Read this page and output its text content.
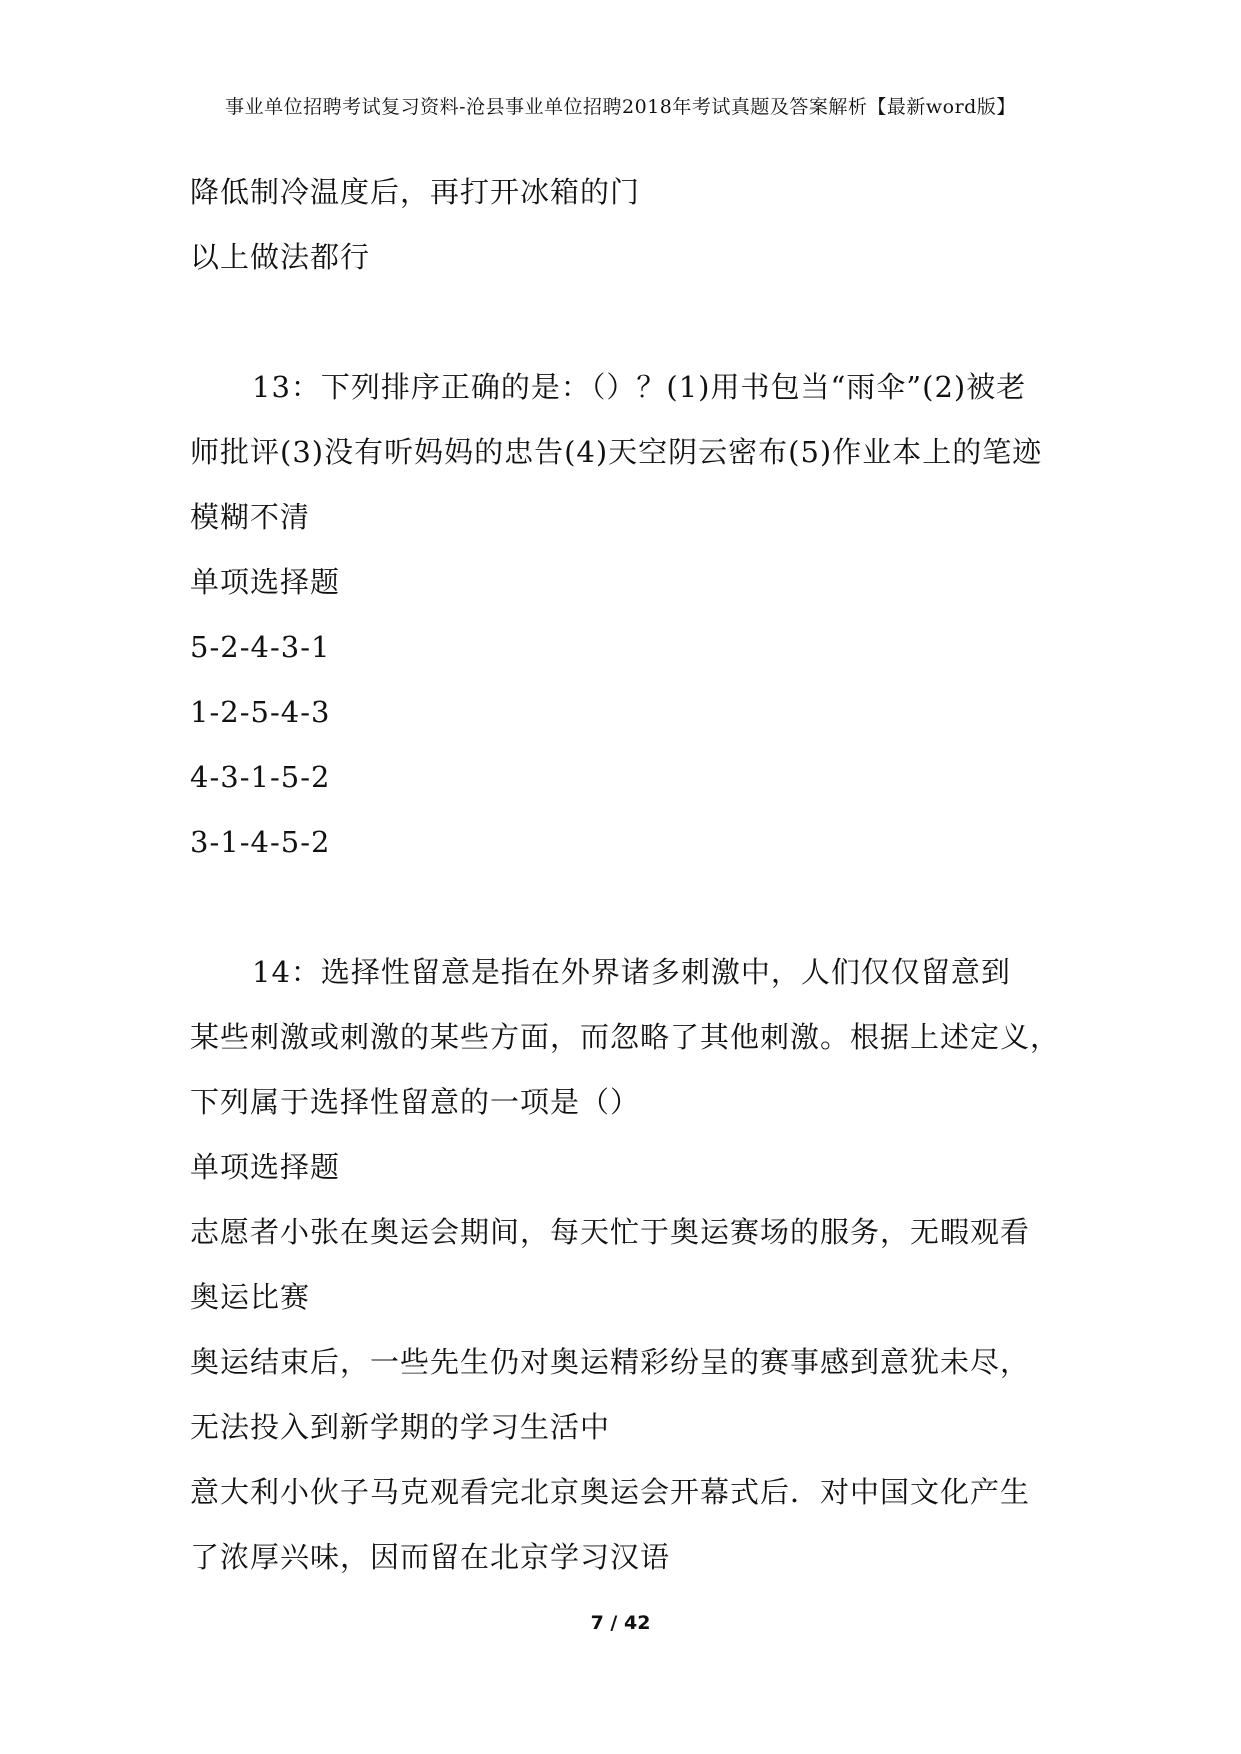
事业单位招聘考试复习资料-沧县事业单位招聘2018年考试真题及答案解析【最新word版】
降低制冷温度后，再打开冰箱的门
以上做法都行
13：下列排序正确的是：（）？(1)用书包当“雨伞”(2)被老
师批评(3)没有听妈妈的忠告(4)天空阴云密布(5)作业本上的笔迹
模糊不清
单项选择题
5-2-4-3-1
1-2-5-4-3
4-3-1-5-2
3-1-4-5-2
14：选择性留意是指在外界诸多刺激中，人们仅仅留意到
某些刺激或刺激的某些方面，而忽略了其他刺激。根据上述定义，
下列属于选择性留意的一项是（）
单项选择题
志愿者小张在奥运会期间，每天忙于奥运赛场的服务，无暇观看
奥运比赛
奥运结束后，一些先生仍对奥运精彩纷呈的赛事感到意犹未尽，
无法投入到新学期的学习生活中
意大利小伙子马克观看完北京奥运会开幕式后．对中国文化产生
了浓厚兴味，因而留在北京学习汉语
7 / 42
